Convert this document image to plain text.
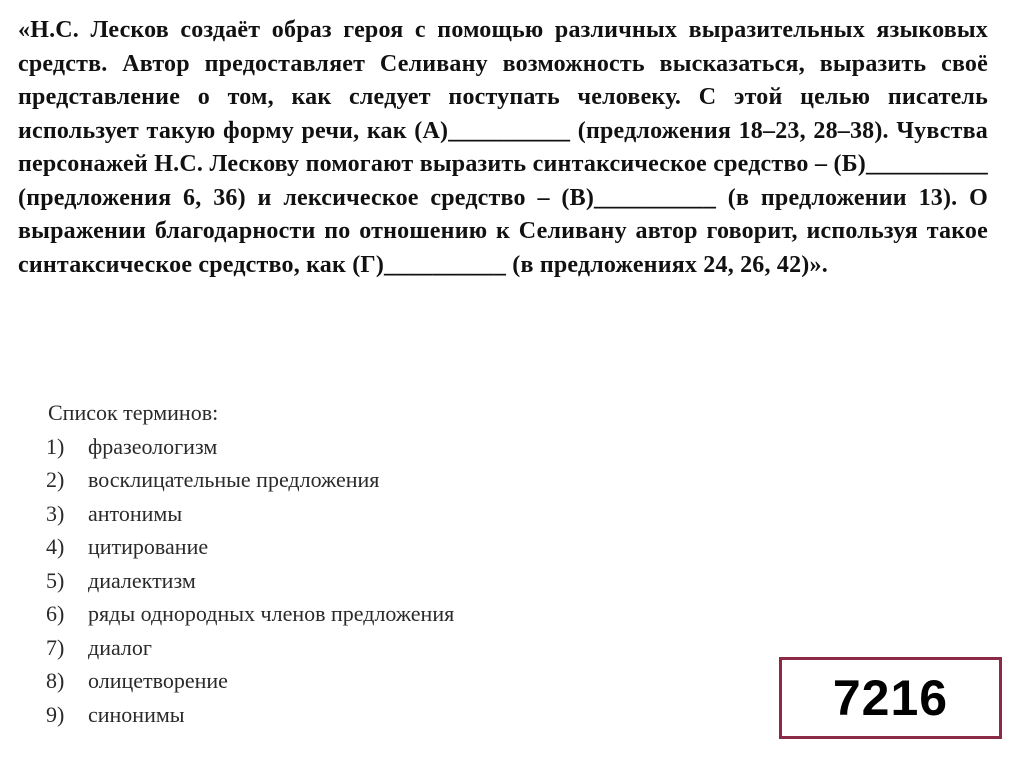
«Н.С. Лесков создаёт образ героя с помощью различных выразительных языковых средств. Автор предоставляет Селивану возможность высказаться, выразить своё представление о том, как следует поступать человеку. С этой целью писатель использует такую форму речи, как (А)__________ (предложения 18–23, 28–38). Чувства персонажей Н.С. Лескову помогают выразить синтаксическое средство – (Б)__________ (предложения 6, 36) и лексическое средство – (В)__________ (в предложении 13). О выражении благодарности по отношению к Селивану автор говорит, используя такое синтаксическое средство, как (Г)__________ (в предложениях 24, 26, 42)».
Список терминов:
1)	фразеологизм
2)	восклицательные предложения
3)	антонимы
4)	цитирование
5)	диалектизм
6)	ряды однородных членов предложения
7)	диалог
8)	олицетворение
9)	синонимы	7216
